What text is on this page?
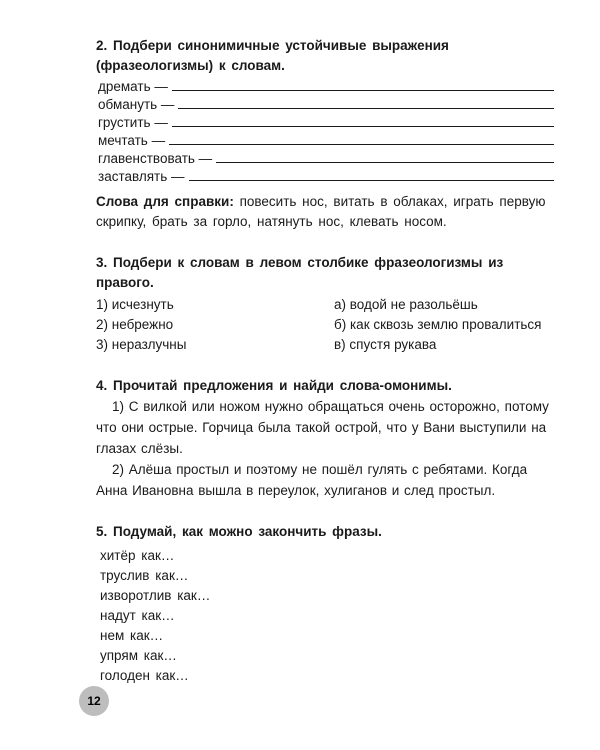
2. Подбери синонимичные устойчивые выражения (фразеологизмы) к словам.
дремать —
обмануть —
грустить —
мечтать —
главенствовать —
заставлять —
Слова для справки: повесить нос, витать в облаках, играть первую скрипку, брать за горло, натянуть нос, клевать носом.
3. Подбери к словам в левом столбике фразеологизмы из правого.
1) исчезнуть
2) небрежно
3) неразлучны
а) водой не разольёшь
б) как сквозь землю провалиться
в) спустя рукава
4. Прочитай предложения и найди слова-омонимы.
1) С вилкой или ножом нужно обращаться очень осторожно, потому что они острые. Горчица была такой острой, что у Вани выступили на глазах слёзы.
2) Алёша простыл и поэтому не пошёл гулять с ребятами. Когда Анна Ивановна вышла в переулок, хулиганов и след простыл.
5. Подумай, как можно закончить фразы.
хитёр как…
труслив как…
изворотлив как…
надут как…
нем как…
упрям как…
голоден как…
12
